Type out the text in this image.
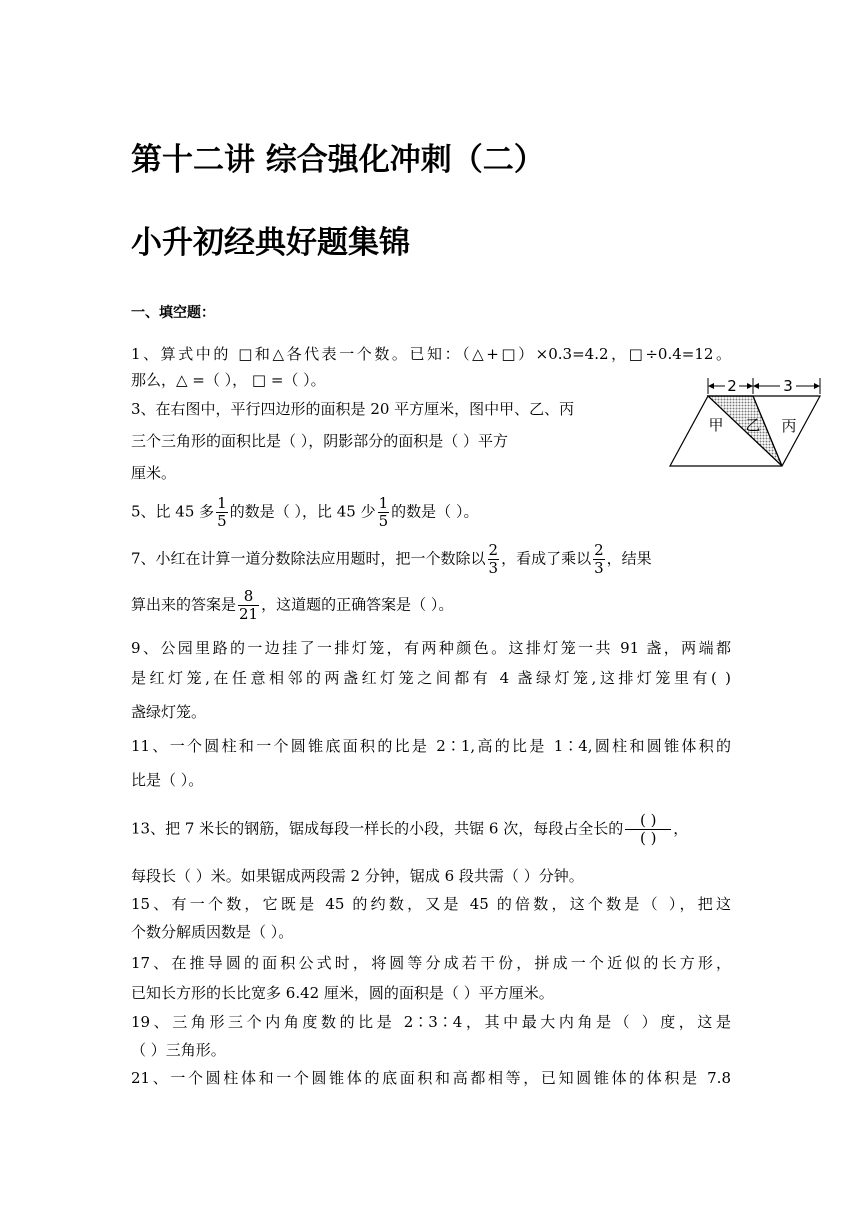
第十二讲 综合强化冲刺（二）
小升初经典好题集锦
一、填空题：
1、算式中的 □和△各代表一个数。已知：（△+□）×0.3=4.2，□÷0.4=12。
那么，△ =（ ）， □ =（ ）。
3、在右图中，平行四边形的面积是 20 平方厘米，图中甲、乙、丙
三个三角形的面积比是（ ），阴影部分的面积是（ ）平方
厘米。
2	3
甲 乙 丙
5、比 45 多 $\frac{1}{5}$ 的数是（ ），比 45 少 $\frac{1}{5}$ 的数是（ ）。
7、小红在计算一道分数除法应用题时，把一个数除以 $\frac{2}{3}$ ，看成了乘以 $\frac{2}{3}$ ，结果
算出来的答案是 $\frac{8}{21}$ ，这道题的正确答案是（ ）。
9、公园里路的一边挂了一排灯笼，有两种颜色。这排灯笼一共 91 盏，两端都
是红灯笼,在任意相邻的两盏红灯笼之间都有 4 盏绿灯笼,这排灯笼里有( )
盏绿灯笼。
11、一个圆柱和一个圆锥底面积的比是 2∶1,高的比是 1∶4,圆柱和圆锥体积的
比是（ ）。
13、把 7 米长的钢筋，锯成每段一样长的小段，共锯 6 次，每段占全长的 $\frac{( )}{( )}$ ，
每段长（ ）米。如果锯成两段需 2 分钟，锯成 6 段共需（ ）分钟。
15、有一个数，它既是 45 的约数，又是 45 的倍数，这个数是（ ），把这
个数分解质因数是（ ）。
17、在推导圆的面积公式时，将圆等分成若干份，拼成一个近似的长方形，
已知长方形的长比宽多 6.42 厘米，圆的面积是（ ）平方厘米。
19、三角形三个内角度数的比是 2∶3∶4，其中最大内角是（ ）度，这是
（ ）三角形。
21、一个圆柱体和一个圆锥体的底面积和高都相等，已知圆锥体的体积是 7.8
